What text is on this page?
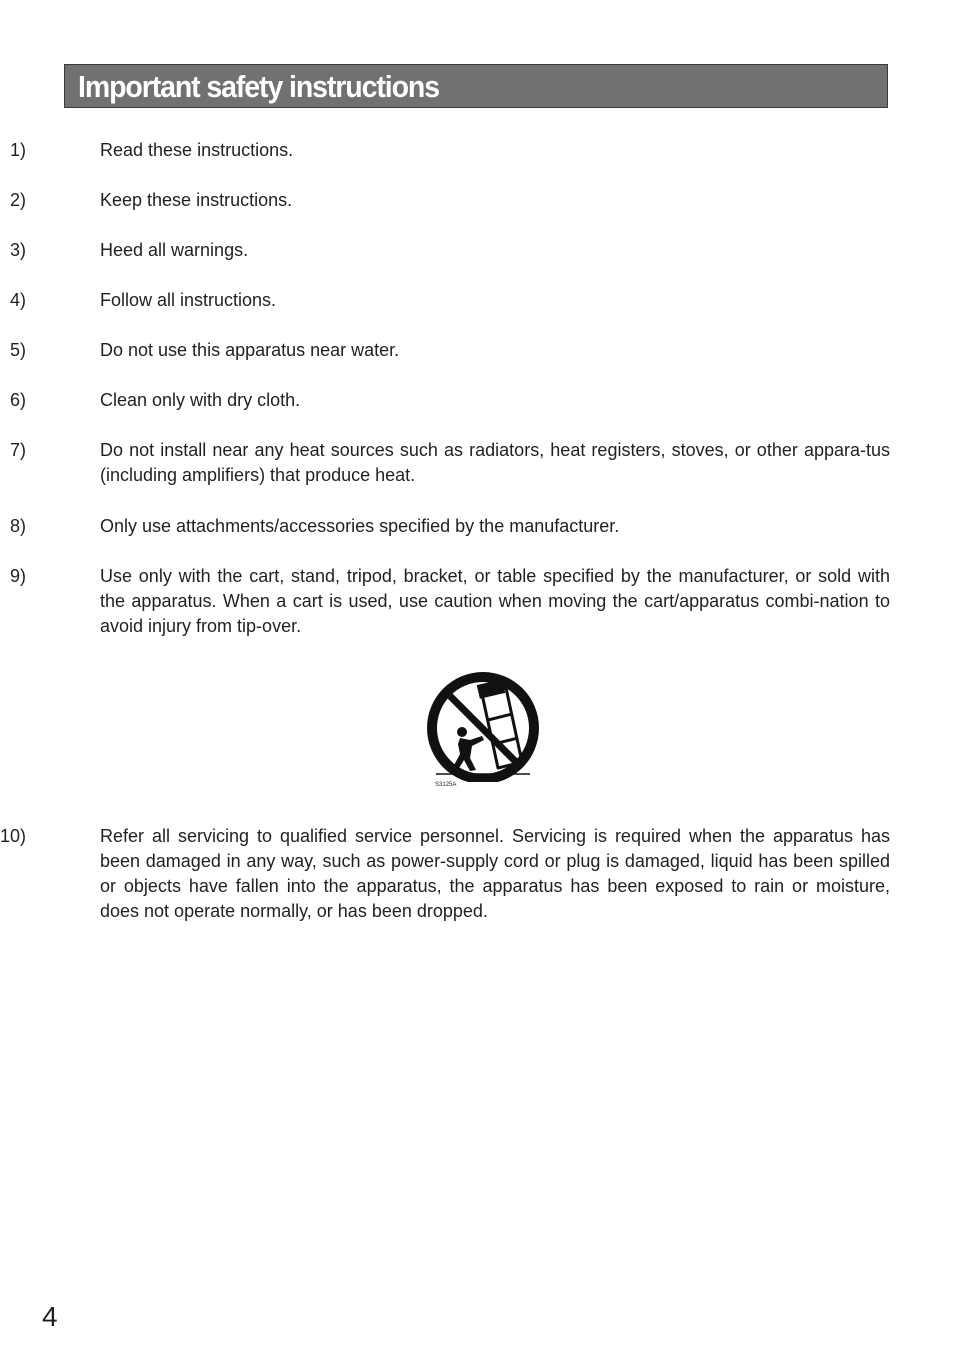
Important safety instructions
1)	Read these instructions.
2)	Keep these instructions.
3)	Heed all warnings.
4)	Follow all instructions.
5)	Do not use this apparatus near water.
6)	Clean only with dry cloth.
7)	Do not install near any heat sources such as radiators, heat registers, stoves, or other appara-tus (including amplifiers) that produce heat.
8)	Only use attachments/accessories specified by the manufacturer.
9)	Use only with the cart, stand, tripod, bracket, or table specified by the manufacturer, or sold with the apparatus. When a cart is used, use caution when moving the cart/apparatus combi-nation to avoid injury from tip-over.
S3125A
10)	Refer all servicing to qualified service personnel. Servicing is required when the apparatus has been damaged in any way, such as power-supply cord or plug is damaged, liquid has been spilled or objects have fallen into the apparatus, the apparatus has been exposed to rain or moisture, does not operate normally, or has been dropped.
4
